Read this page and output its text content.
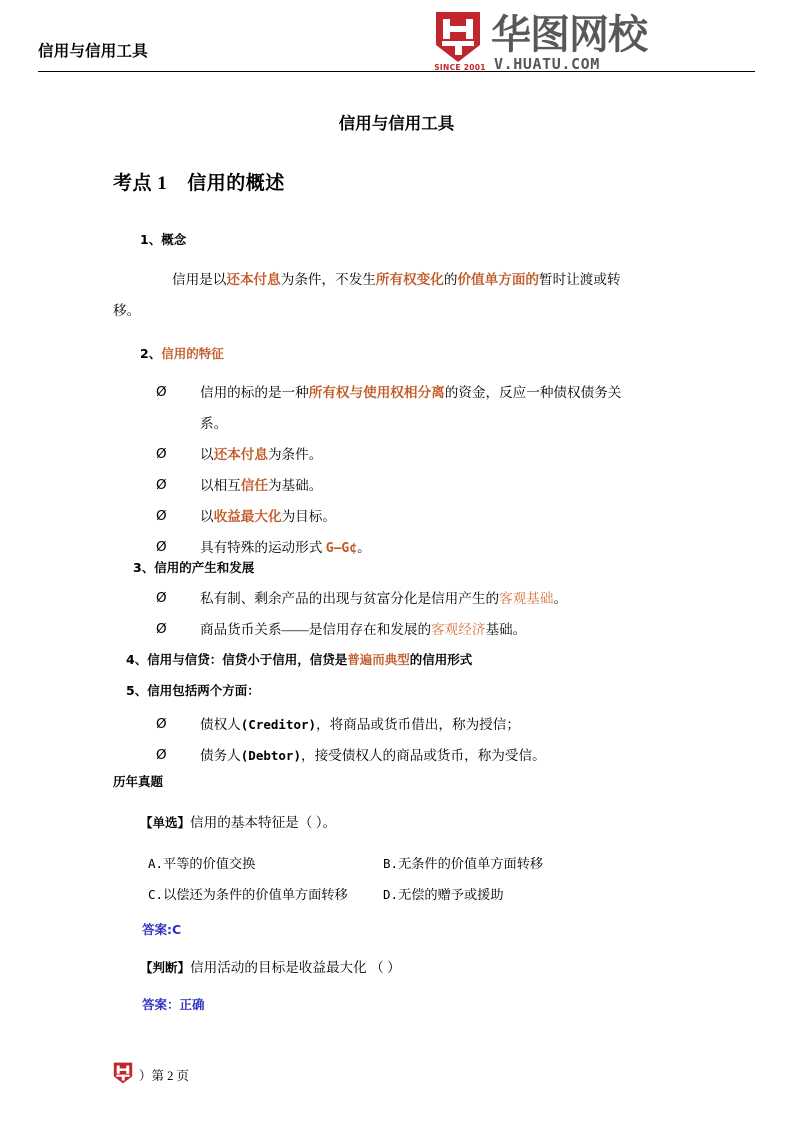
信用与信用工具
SINCE 2001
华图网校
V.HUATU.COM
信用与信用工具
考点 1 信用的概述
1、概念
信用是以还本付息为条件，不发生所有权变化的价值单方面的暂时让渡或转
移。
2、信用的特征
Ø	信用的标的是一种所有权与使用权相分离的资金，反应一种债权债务关
系。
Ø	以还本付息为条件。
Ø	以相互信任为基础。
Ø	以收益最大化为目标。
Ø	具有特殊的运动形式 G—G¢。
3、信用的产生和发展
Ø	私有制、剩余产品的出现与贫富分化是信用产生的客观基础。
Ø	商品货币关系——是信用存在和发展的客观经济基础。
4、信用与信贷：信贷小于信用，信贷是普遍而典型的信用形式
5、信用包括两个方面：
Ø	债权人(Creditor)，将商品或货币借出，称为授信；
Ø	债务人(Debtor)，接受债权人的商品或货币，称为受信。
历年真题
【单选】信用的基本特征是（ ）。
A.平等的价值交换	B.无条件的价值单方面转移
C.以偿还为条件的价值单方面转移	D.无偿的赠予或援助
答案:C
【判断】信用活动的目标是收益最大化 （ ）
答案：正确
）第 2 页
